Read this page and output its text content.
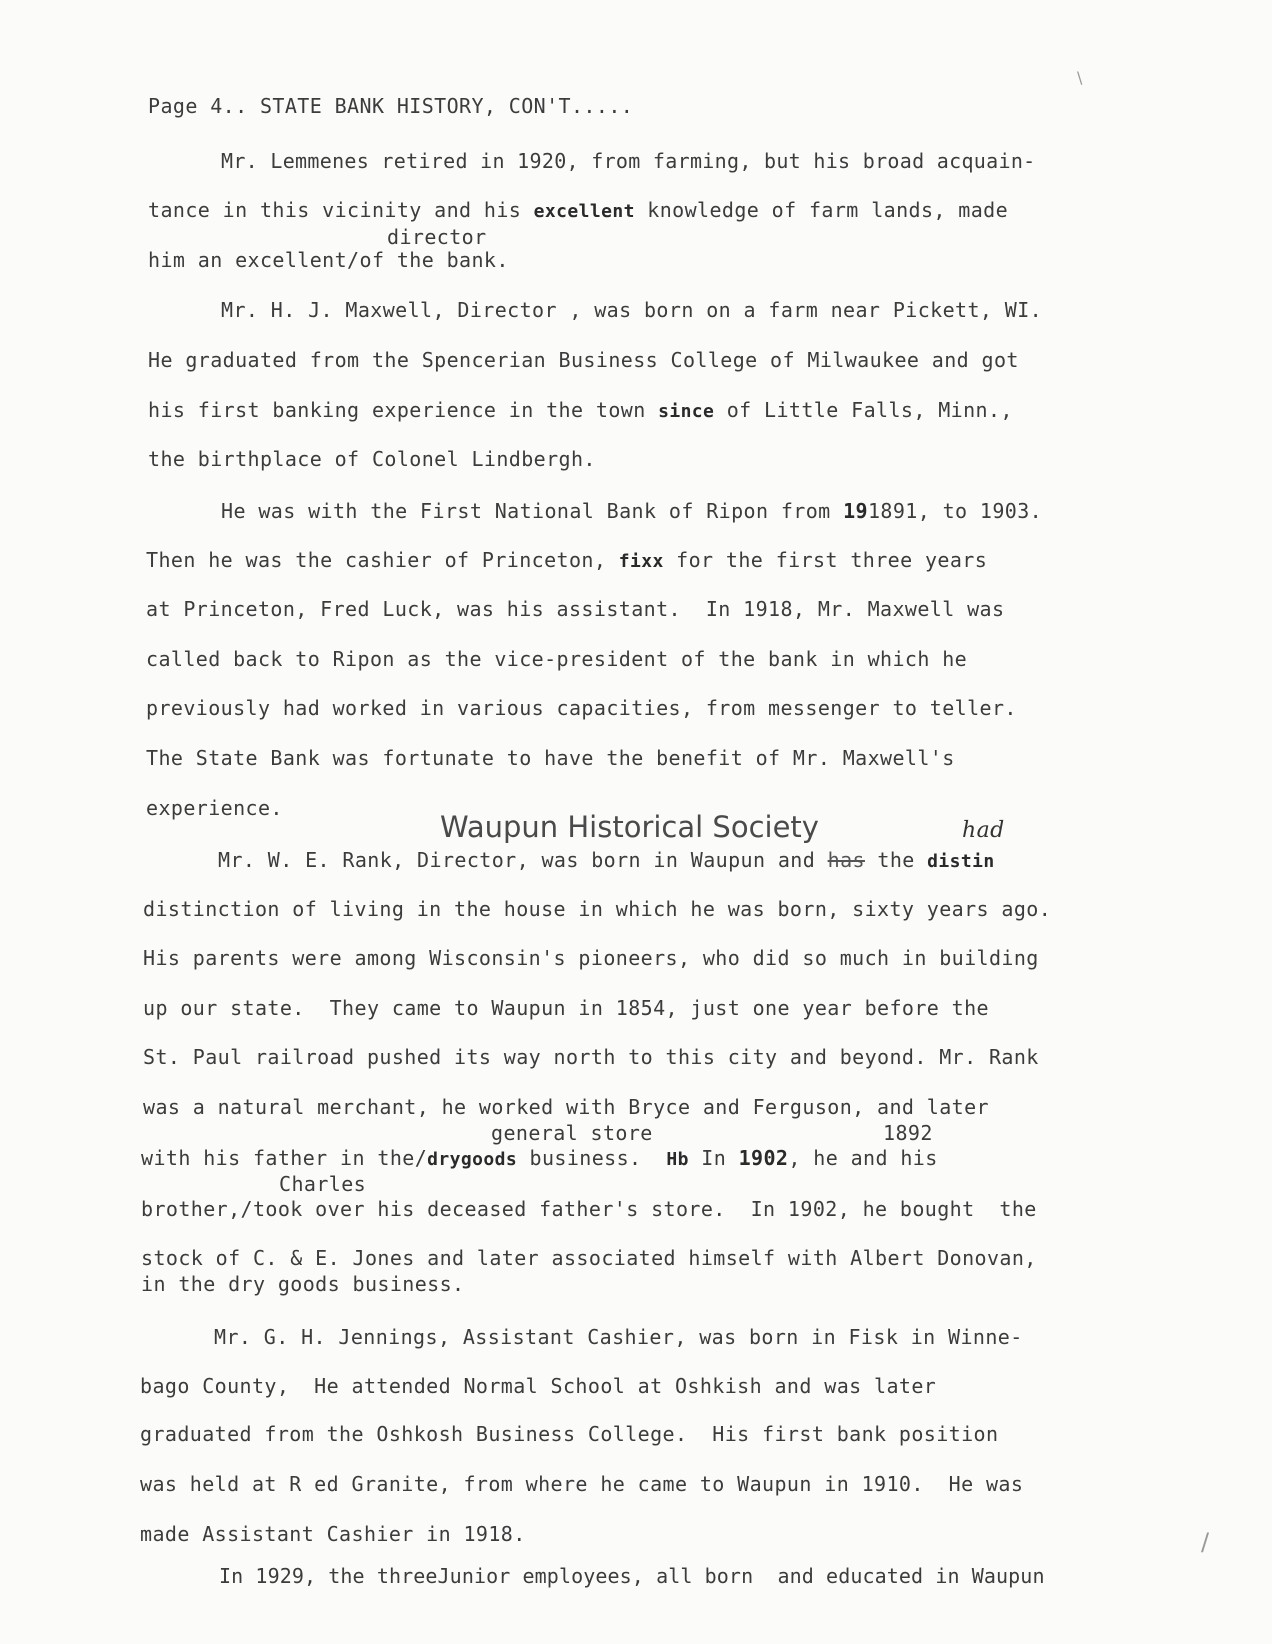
Page 4.. STATE BANK HISTORY, CON'T.....
Mr. Lemmenes retired in 1920, from farming, but his broad acquain-
tance in this vicinity and his excellent knowledge of farm lands, made
director
him an excellent/of the bank.
Mr. H. J. Maxwell, Director , was born on a farm near Pickett, WI.
He graduated from the Spencerian Business College of Milwaukee and got
his first banking experience in the town since of Little Falls, Minn.,
the birthplace of Colonel Lindbergh.
He was with the First National Bank of Ripon from 191891, to 1903.
Then he was the cashier of Princeton, fixx for the first three years
at Princeton, Fred Luck, was his assistant.  In 1918, Mr. Maxwell was
called back to Ripon as the vice-president of the bank in which he
previously had worked in various capacities, from messenger to teller.
The State Bank was fortunate to have the benefit of Mr. Maxwell's
experience.
Waupun Historical Society	had
Mr. W. E. Rank, Director, was born in Waupun and has the distin
distinction of living in the house in which he was born, sixty years ago.
His parents were among Wisconsin's pioneers, who did so much in building
up our state.  They came to Waupun in 1854, just one year before the
St. Paul railroad pushed its way north to this city and beyond. Mr. Rank
was a natural merchant, he worked with Bryce and Ferguson, and later
general store	1892
with his father in the/drygoods business.  Hb In 1902, he and his
Charles
brother,/took over his deceased father's store.  In 1902, he bought  the
stock of C. & E. Jones and later associated himself with Albert Donovan,
in the dry goods business.
Mr. G. H. Jennings, Assistant Cashier, was born in Fisk in Winne-
bago County,  He attended Normal School at Oshkish and was later
graduated from the Oshkosh Business College.  His first bank position
was held at R ed Granite, from where he came to Waupun in 1910.  He was
made Assistant Cashier in 1918.
In 1929, the threeJunior employees, all born  and educated in Waupun
/
\
